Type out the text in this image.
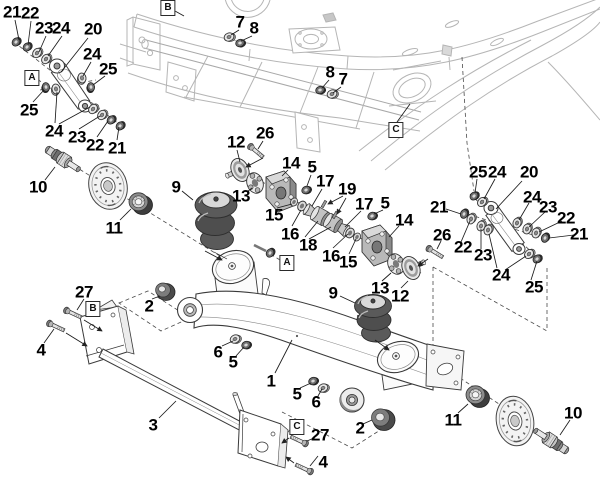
21 22
23 24 20
24
25
25
24 23 22 21
7 8
8 7
10
11
9
12 26
14 5
17 19
13
15
16
18
17 5
16 15
14
25 24 20
21
24
23
22
21
26
22 23
24
25
13 12
27
4
2
3
6
5
1
5 6
9
27 2
4
11	10
A
A
B
B
C
C
